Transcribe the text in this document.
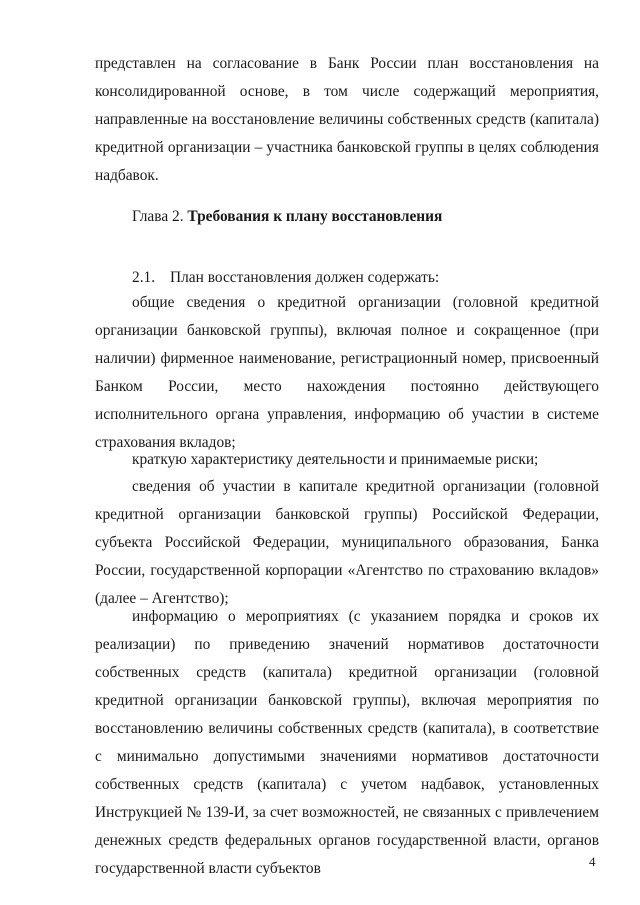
представлен на согласование в Банк России план восстановления на консолидированной основе, в том числе содержащий мероприятия, направленные на восстановление величины собственных средств (капитала) кредитной организации – участника банковской группы в целях соблюдения надбавок.

Глава 2. Требования к плану восстановления
2.1. План восстановления должен содержать:

общие сведения о кредитной организации (головной кредитной организации банковской группы), включая полное и сокращенное (при наличии) фирменное наименование, регистрационный номер, присвоенный Банком России, место нахождения постоянно действующего исполнительного органа управления, информацию об участии в системе страхования вкладов;

краткую характеристику деятельности и принимаемые риски;

сведения об участии в капитале кредитной организации (головной кредитной организации банковской группы) Российской Федерации, субъекта Российской Федерации, муниципального образования, Банка России, государственной корпорации «Агентство по страхованию вкладов» (далее – Агентство);

информацию о мероприятиях (с указанием порядка и сроков их реализации) по приведению значений нормативов достаточности собственных средств (капитала) кредитной организации (головной кредитной организации банковской группы), включая мероприятия по восстановлению величины собственных средств (капитала), в соответствие с минимально допустимыми значениями нормативов достаточности собственных средств (капитала) с учетом надбавок, установленных Инструкцией № 139-И, за счет возможностей, не связанных с привлечением денежных средств федеральных органов государственной власти, органов государственной власти субъектов	4
